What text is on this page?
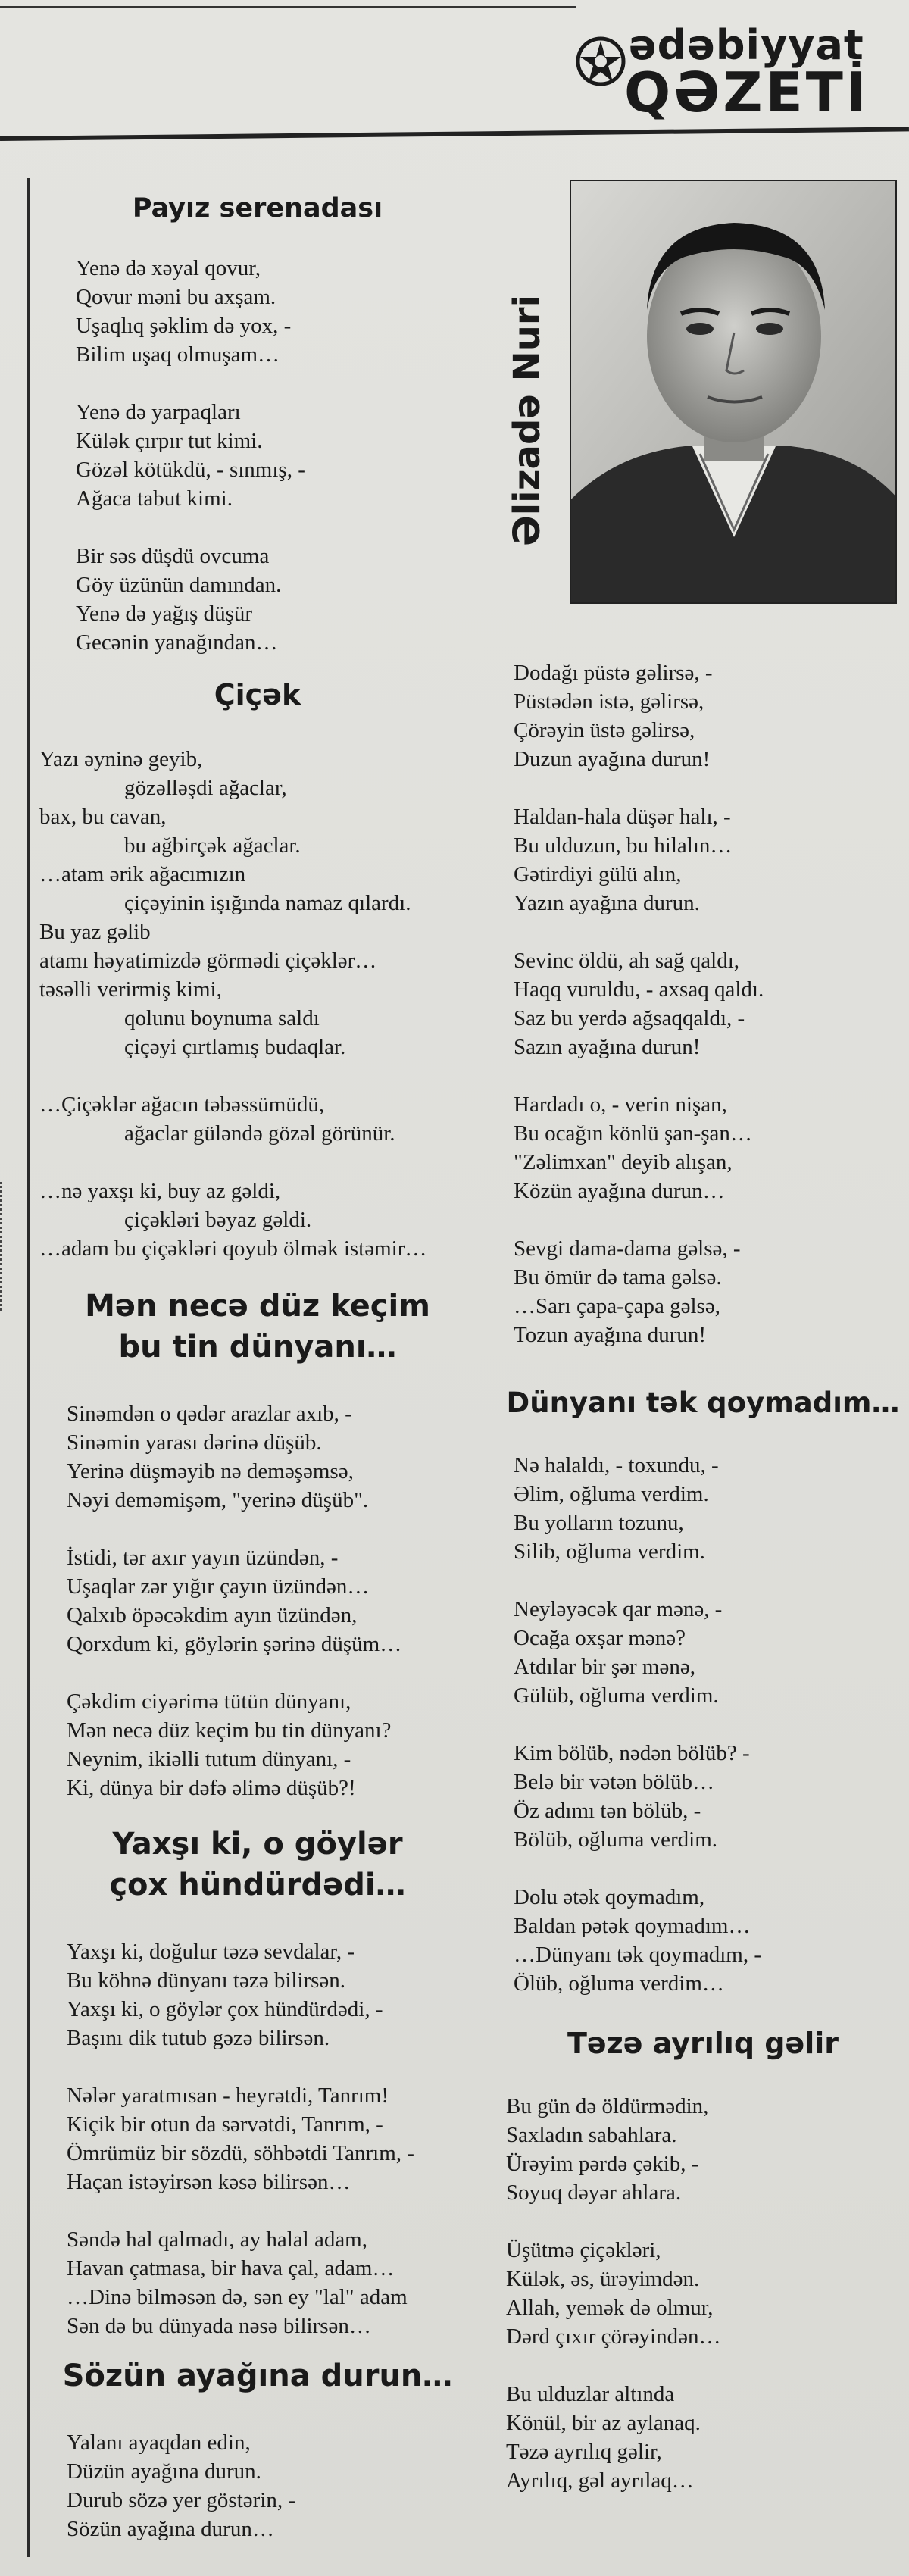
ədəbiyyat
QƏZETİ
Payız serenadası
Yenə də xəyal qovur,
Qovur məni bu axşam.
Uşaqlıq şəklim də yox, -
Bilim uşaq olmuşam…
Yenə də yarpaqları
Külək çırpır tut kimi.
Gözəl kötükdü, - sınmış, -
Ağaca tabut kimi.
Bir səs düşdü ovcuma
Göy üzünün damından.
Yenə də yağış düşür
Gecənin yanağından…
Çiçək
Yazı əyninə geyib,
gözəlləşdi ağaclar,
bax, bu cavan,
bu ağbirçək ağaclar.
…atam ərik ağacımızın
çiçəyinin işığında namaz qılardı.
Bu yaz gəlib
atamı həyatimizdə görmədi çiçəklər…
təsəlli verirmiş kimi,
qolunu boynuma saldı
çiçəyi çırtlamış budaqlar.

…Çiçəklər ağacın təbəssümüdü,
ağaclar güləndə gözəl görünür.

…nə yaxşı ki, buy az gəldi,
çiçəkləri bəyaz gəldi.
…adam bu çiçəkləri qoyub ölmək istəmir…
Mən necə düz keçim
bu tin dünyanı…
Sinəmdən o qədər arazlar axıb, -
Sinəmin yarası dərinə düşüb.
Yerinə düşməyib nə deməşəmsə,
Nəyi deməmişəm, "yerinə düşüb".
İstidi, tər axır yayın üzündən, -
Uşaqlar zər yığır çayın üzündən…
Qalxıb öpəcəkdim ayın üzündən,
Qorxdum ki, göylərin şərinə düşüm…
Çəkdim ciyərimə tütün dünyanı,
Mən necə düz keçim bu tin dünyanı?
Neynim, ikiəlli tutum dünyanı, -
Ki, dünya bir dəfə əlimə düşüb?!
Yaxşı ki, o göylər
çox hündürdədi…
Yaxşı ki, doğulur təzə sevdalar, -
Bu köhnə dünyanı təzə bilirsən.
Yaxşı ki, o göylər çox hündürdədi, -
Başını dik tutub gəzə bilirsən.
Nələr yaratmısan - heyrətdi, Tanrım!
Kiçik bir otun da sərvətdi, Tanrım, -
Ömrümüz bir sözdü, söhbətdi Tanrım, -
Haçan istəyirsən kəsə bilirsən…
Səndə hal qalmadı, ay halal adam,
Havan çatmasa, bir hava çal, adam…
…Dinə bilməsən də, sən ey "lal" adam
Sən də bu dünyada nəsə bilirsən…
Sözün ayağına durun…
Yalanı ayaqdan edin,
Düzün ayağına durun.
Durub sözə yer göstərin, -
Sözün ayağına durun…
Əlizadə Nuri
Dodağı püstə gəlirsə, -
Püstədən istə, gəlirsə,
Çörəyin üstə gəlirsə,
Duzun ayağına durun!
Haldan-hala düşər halı, -
Bu ulduzun, bu hilalın…
Gətirdiyi gülü alın,
Yazın ayağına durun.
Sevinc öldü, ah sağ qaldı,
Haqq vuruldu, - axsaq qaldı.
Saz bu yerdə ağsaqqaldı, -
Sazın ayağına durun!
Hardadı o, - verin nişan,
Bu ocağın könlü şan-şan…
"Zəlimxan" deyib alışan,
Közün ayağına durun…
Sevgi dama-dama gəlsə, -
Bu ömür də tama gəlsə.
…Sarı çapa-çapa gəlsə,
Tozun ayağına durun!
Dünyanı tək qoymadım…
Nə halaldı, - toxundu, -
Əlim, oğluma verdim.
Bu yolların tozunu,
Silib, oğluma verdim.
Neyləyəcək qar mənə, -
Ocağa oxşar mənə?
Atdılar bir şər mənə,
Gülüb, oğluma verdim.
Kim bölüb, nədən bölüb? -
Belə bir vətən bölüb…
Öz adımı tən bölüb, -
Bölüb, oğluma verdim.
Dolu ətək qoymadım,
Baldan pətək qoymadım…
…Dünyanı tək qoymadım, -
Ölüb, oğluma verdim…
Təzə ayrılıq gəlir
Bu gün də öldürmədin,
Saxladın sabahlara.
Ürəyim pərdə çəkib, -
Soyuq dəyər ahlara.
Üşütmə çiçəkləri,
Külək, əs, ürəyimdən.
Allah, yemək də olmur,
Dərd çıxır çörəyindən…
Bu ulduzlar altında
Könül, bir az aylanaq.
Təzə ayrılıq gəlir,
Ayrılıq, gəl ayrılaq…
